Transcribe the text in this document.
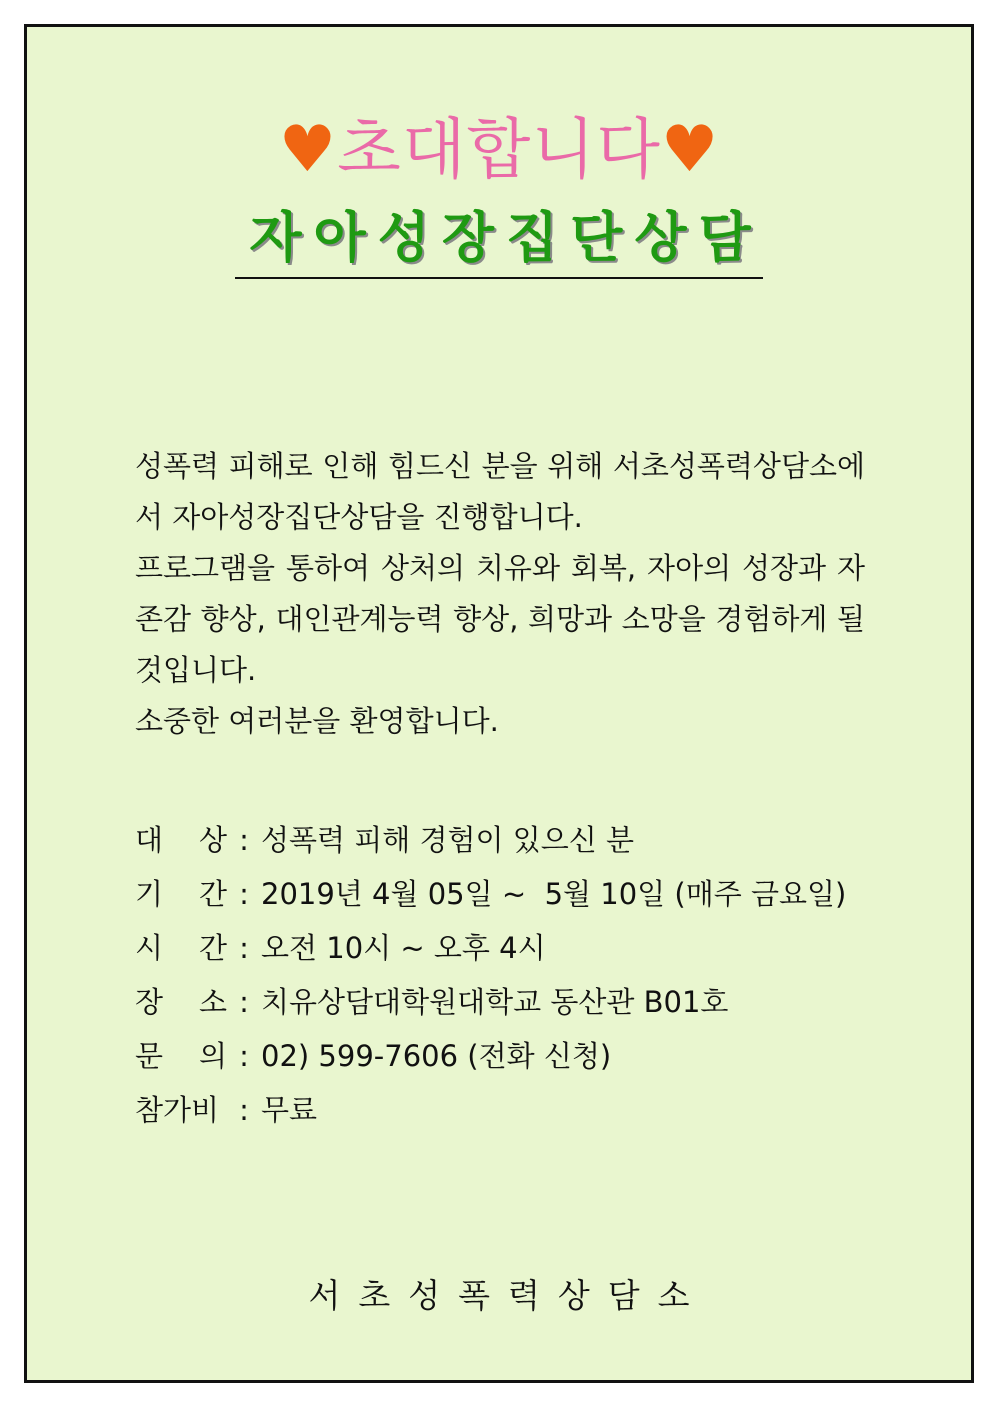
♥초대합니다♥
자아성장집단상담

성폭력 피해로 인해 힘드신 분을 위해 서초성폭력상담소에서 자아성장집단상담을 진행합니다.

프로그램을 통하여 상처의 치유와 회복, 자아의 성장과 자존감 향상, 대인관계능력 향상, 희망과 소망을 경험하게 될 것입니다.

소중한 여러분을 환영합니다.

대 상 : 성폭력 피해 경험이 있으신 분
기 간 : 2019년 4월 05일 ~  5월 10일 (매주 금요일)
시 간 : 오전 10시 ~ 오후 4시
장 소 : 치유상담대학원대학교 동산관 B01호
문 의 : 02) 599-7606 (전화 신청)
참가비 : 무료
서초성폭력상담소
